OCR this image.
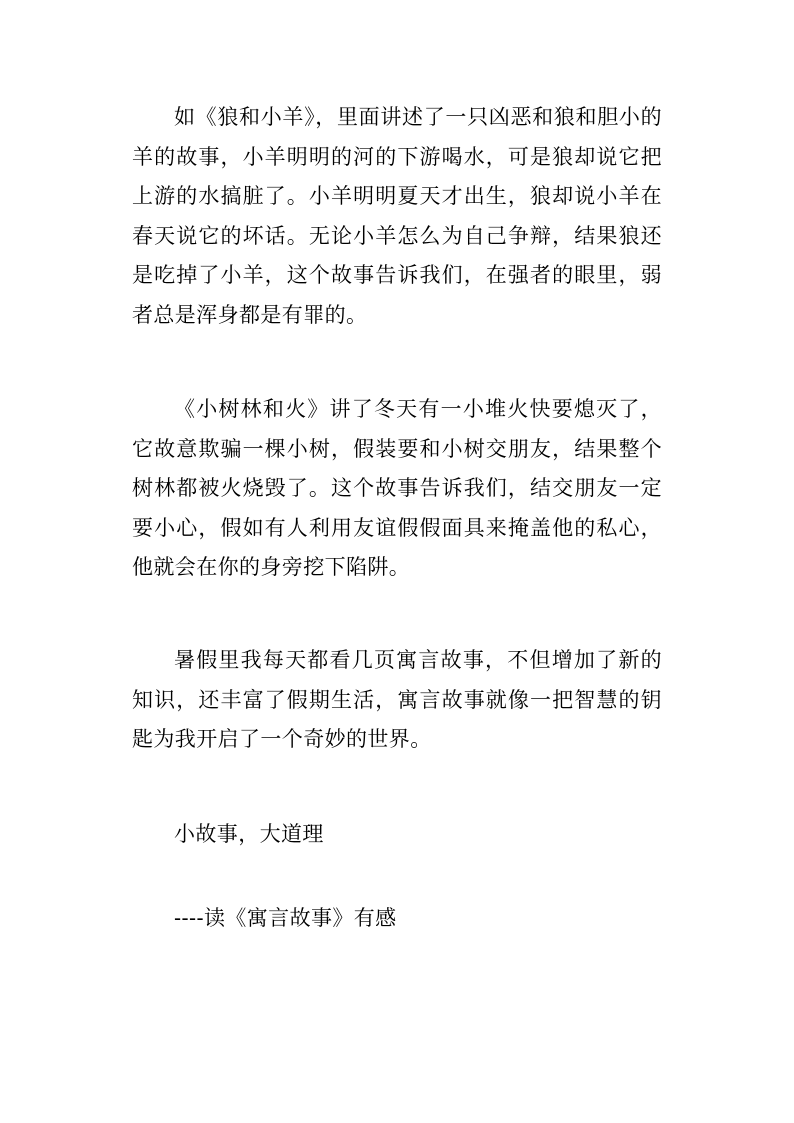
如《狼和小羊》，里面讲述了一只凶恶和狼和胆小的羊的故事，小羊明明的河的下游喝水，可是狼却说它把上游的水搞脏了。小羊明明夏天才出生，狼却说小羊在春天说它的坏话。无论小羊怎么为自己争辩，结果狼还是吃掉了小羊，这个故事告诉我们，在强者的眼里，弱者总是浑身都是有罪的。

《小树林和火》讲了冬天有一小堆火快要熄灭了，它故意欺骗一棵小树，假装要和小树交朋友，结果整个树林都被火烧毁了。这个故事告诉我们，结交朋友一定要小心，假如有人利用友谊假假面具来掩盖他的私心，他就会在你的身旁挖下陷阱。

暑假里我每天都看几页寓言故事，不但增加了新的知识，还丰富了假期生活，寓言故事就像一把智慧的钥匙为我开启了一个奇妙的世界。

小故事，大道理
----读《寓言故事》有感
